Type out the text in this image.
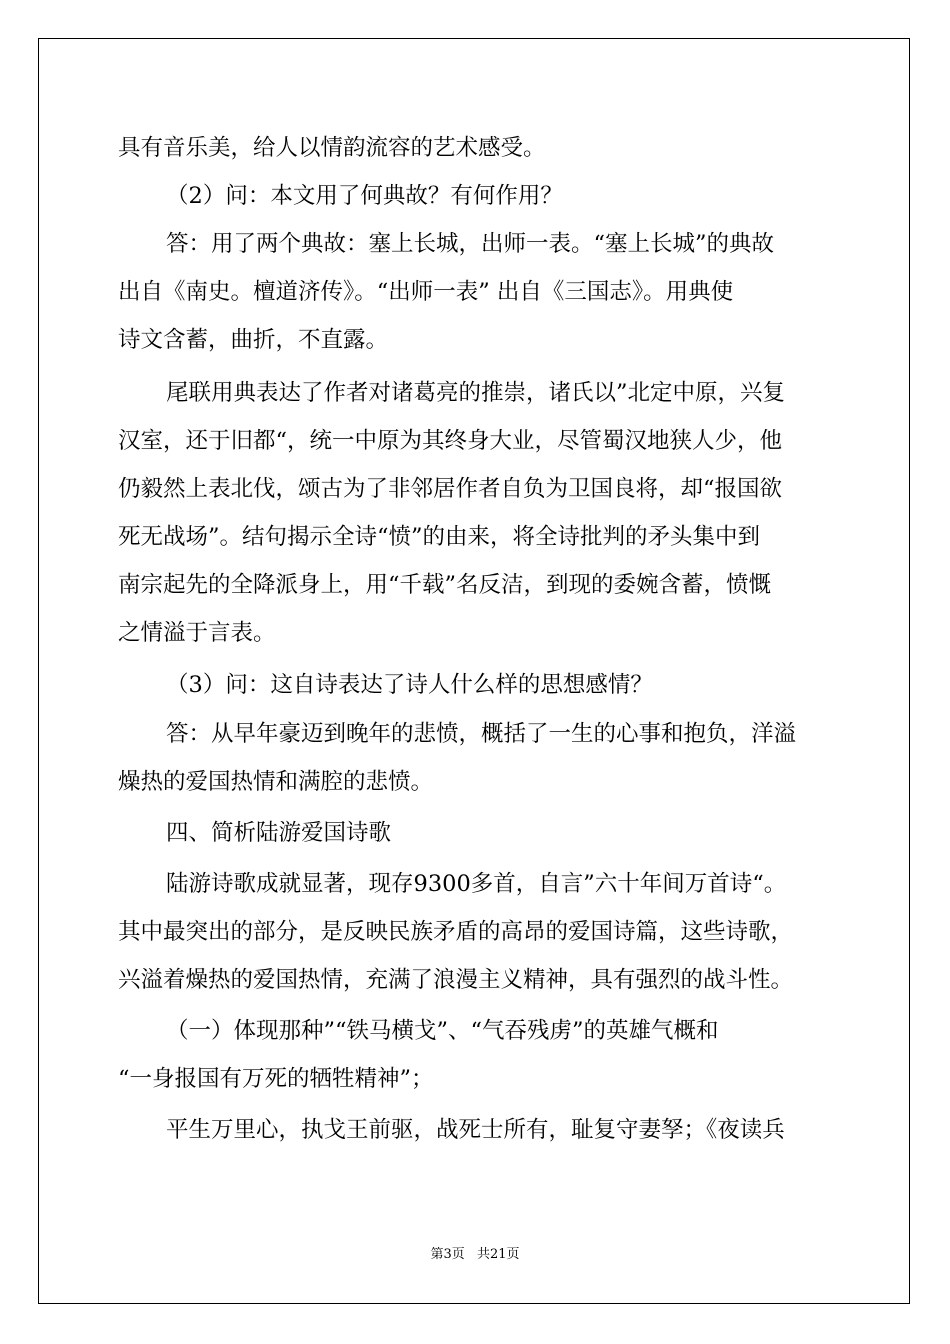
具有音乐美，给人以情韵流容的艺术感受。
（2）问：本文用了何典故？有何作用？
答：用了两个典故：塞上长城，出师一表。“塞上长城”的典故
出自《南史。檀道济传》。“出师一表” 出自《三国志》。用典使
诗文含蓄，曲折，不直露。
尾联用典表达了作者对诸葛亮的推崇，诸氏以”北定中原，兴复
汉室，还于旧都“，统一中原为其终身大业，尽管蜀汉地狭人少，他
仍毅然上表北伐，颂古为了非邻居作者自负为卫国良将，却“报国欲
死无战场”。结句揭示全诗“愤”的由来，将全诗批判的矛头集中到
南宗起先的全降派身上，用“千载”名反洁，到现的委婉含蓄，愤慨
之情溢于言表。
（3）问：这自诗表达了诗人什么样的思想感情？
答：从早年豪迈到晚年的悲愤，概括了一生的心事和抱负，洋溢
燥热的爱国热情和满腔的悲愤。
四、简析陆游爱国诗歌
陆游诗歌成就显著，现存9300多首，自言”六十年间万首诗“。
其中最突出的部分，是反映民族矛盾的高昂的爱国诗篇，这些诗歌，
兴溢着燥热的爱国热情，充满了浪漫主义精神，具有强烈的战斗性。
（一）体现那种”“铁马横戈”、“气吞残虏”的英雄气概和
“一身报国有万死的牺牲精神”；
平生万里心，执戈王前驱，战死士所有，耻复守妻孥；《夜读兵
第3页 共21页
